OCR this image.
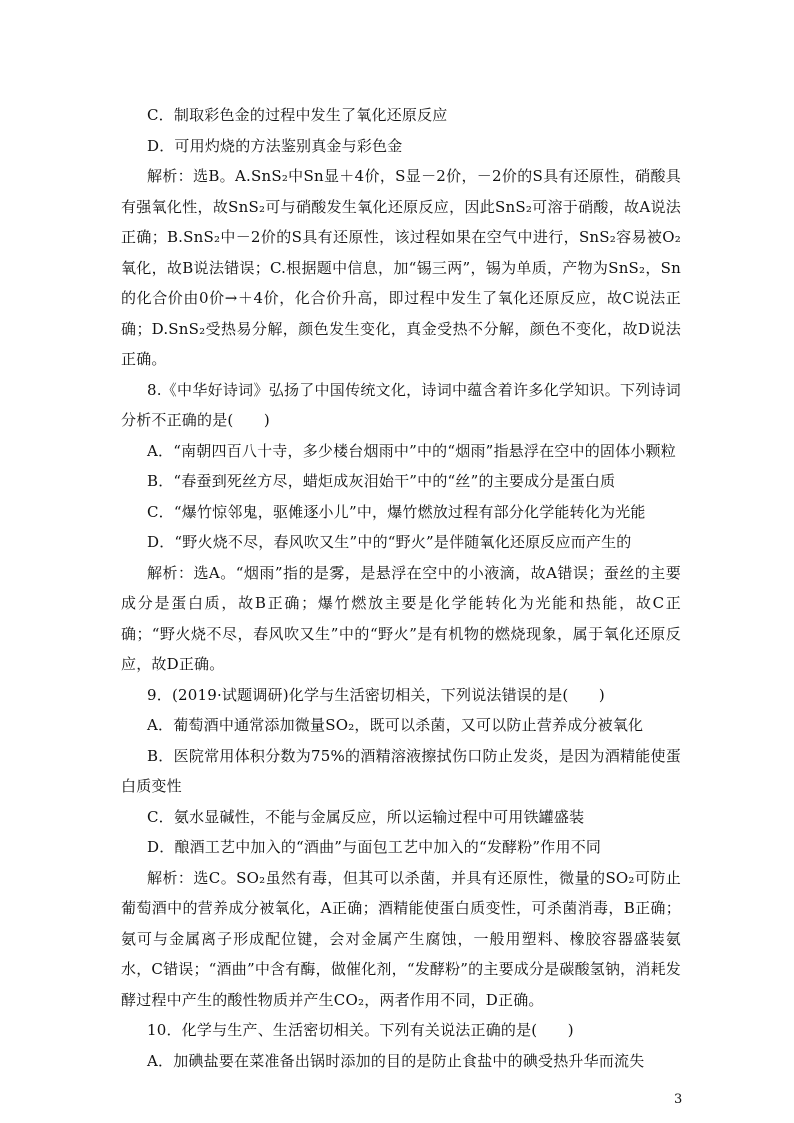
C．制取彩色金的过程中发生了氧化还原反应
D．可用灼烧的方法鉴别真金与彩色金
解析：选B。A.SnS₂中Sn显＋4价，S显－2价，－2价的S具有还原性，硝酸具有强氧化性，故SnS₂可与硝酸发生氧化还原反应，因此SnS₂可溶于硝酸，故A说法正确；B.SnS₂中－2价的S具有还原性，该过程如果在空气中进行，SnS₂容易被O₂氧化，故B说法错误；C.根据题中信息，加“锡三两”，锡为单质，产物为SnS₂，Sn的化合价由0价→＋4价，化合价升高，即过程中发生了氧化还原反应，故C说法正确；D.SnS₂受热易分解，颜色发生变化，真金受热不分解，颜色不变化，故D说法正确。
8.《中华好诗词》弘扬了中国传统文化，诗词中蕴含着许多化学知识。下列诗词分析不正确的是(　　)
A．“南朝四百八十寺，多少楼台烟雨中”中的“烟雨”指悬浮在空中的固体小颗粒
B．“春蚕到死丝方尽，蜡炬成灰泪始干”中的“丝”的主要成分是蛋白质
C．“爆竹惊邻鬼，驱傩逐小儿”中，爆竹燃放过程有部分化学能转化为光能
D．“野火烧不尽，春风吹又生”中的“野火”是伴随氧化还原反应而产生的
解析：选A。“烟雨”指的是雾，是悬浮在空中的小液滴，故A错误；蚕丝的主要成分是蛋白质，故B正确；爆竹燃放主要是化学能转化为光能和热能，故C正确；“野火烧不尽，春风吹又生”中的“野火”是有机物的燃烧现象，属于氧化还原反应，故D正确。
9．(2019·试题调研)化学与生活密切相关，下列说法错误的是(　　)
A．葡萄酒中通常添加微量SO₂，既可以杀菌，又可以防止营养成分被氧化
B．医院常用体积分数为75%的酒精溶液擦拭伤口防止发炎，是因为酒精能使蛋白质变性
C．氨水显碱性，不能与金属反应，所以运输过程中可用铁罐盛装
D．酿酒工艺中加入的“酒曲”与面包工艺中加入的“发酵粉”作用不同
解析：选C。SO₂虽然有毒，但其可以杀菌，并具有还原性，微量的SO₂可防止葡萄酒中的营养成分被氧化，A正确；酒精能使蛋白质变性，可杀菌消毒，B正确；氨可与金属离子形成配位键，会对金属产生腐蚀，一般用塑料、橡胶容器盛装氨水，C错误；“酒曲”中含有酶，做催化剂，“发酵粉”的主要成分是碳酸氢钠，消耗发酵过程中产生的酸性物质并产生CO₂，两者作用不同，D正确。
10．化学与生产、生活密切相关。下列有关说法正确的是(　　)
A．加碘盐要在菜准备出锅时添加的目的是防止食盐中的碘受热升华而流失
3
